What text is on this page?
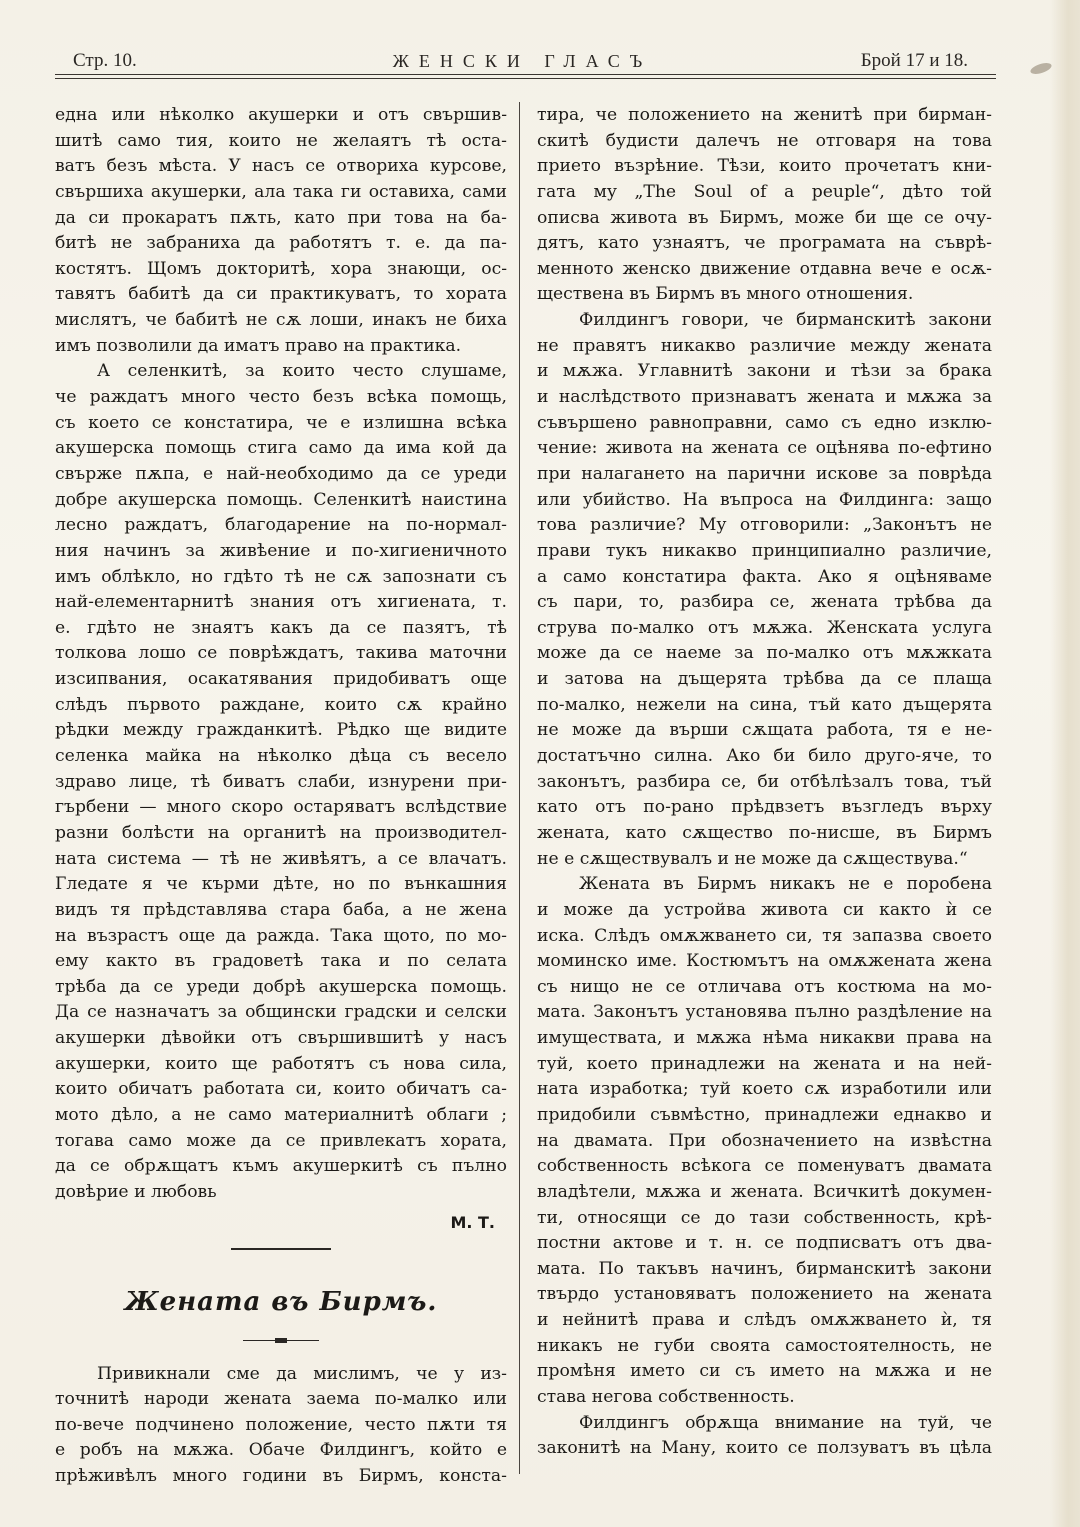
Стр. 10.	ЖЕНСКИ ГЛАСЪ	Брой 17 и 18.
една или нѣколко акушерки и отъ свършив-
шитѣ само тия, които не желаятъ тѣ оста-
ватъ безъ мѣста. У насъ се отвориха курсове,
свършиха акушерки, ала така ги оставиха, сами
да си прокаратъ пѫть, като при това на ба-
битѣ не забраниха да работятъ т. е. да па-
костятъ. Щомъ докторитѣ, хора знающи, ос-
тавятъ бабитѣ да си практикуватъ, то хората
мислятъ, че бабитѣ не сѫ лоши, инакъ не биха
имъ позволили да иматъ право на практика.
А селенкитѣ, за които често слушаме,
че раждатъ много често безъ всѣка помощь,
съ което се констатира, че е излишна всѣка
акушерска помощь стига само да има кой да
свърже пѫпа, е най-необходимо да се уреди
добре акушерска помощь. Селенкитѣ наистина
лесно раждатъ, благодарение на по-нормал-
ния начинъ за живѣение и по-хигиеничното
имъ облѣкло, но гдѣто тѣ не сѫ запознати съ
най-елементарнитѣ знания отъ хигиената, т.
е. гдѣто не знаятъ какъ да се пазятъ, тѣ
толкова лошо се поврѣждатъ, такива маточни
изсипвания, осакатявания придобиватъ още
слѣдъ първото раждане, които сѫ крайно
рѣдки между гражданкитѣ. Рѣдко ще видите
селенка майка на нѣколко дѣца съ весело
здраво лице, тѣ биватъ слаби, изнурени при-
гърбени — много скоро остаряватъ вслѣдствие
разни болѣсти на органитѣ на производител-
ната система — тѣ не живѣятъ, а се влачатъ.
Гледате я че кърми дѣте, но по вънкашния
видъ тя прѣдставлява стара баба, а не жена
на възрастъ още да ражда. Така щото, по мо-
ему както въ градоветѣ така и по селата
трѣба да се уреди добрѣ акушерска помощь.
Да се назначатъ за общински градски и селски
акушерки дѣвойки отъ свършившитѣ у насъ
акушерки, които ще работятъ съ нова сила,
които обичатъ работата си, които обичатъ са-
мото дѣло, а не само материалнитѣ облаги ;
тогава само може да се привлекатъ хората,
да се обрѫщатъ къмъ акушеркитѣ съ пълно
довѣрие и любовь
М. Т.
Жената въ Бирмъ.
Привикнали сме да мислимъ, че у из-
точнитѣ народи жената заема по-малко или
по-вече подчинено положение, често пѫти тя
е робъ на мѫжа. Обаче Филдингъ, който е
прѣживѣлъ много години въ Бирмъ, конста-
тира, че положението на женитѣ при бирман-
скитѣ будисти далечъ не отговаря на това
прието възрѣние. Тѣзи, които прочетатъ кни-
гата му „The Soul of a peuple“, дѣто той
описва живота въ Бирмъ, може би ще се очу-
дятъ, като узнаятъ, че програмата на съврѣ-
менното женско движение отдавна вече е осѫ-
ществена въ Бирмъ въ много отношения.
Филдингъ говори, че бирманскитѣ закони
не правятъ никакво различие между жената
и мѫжа. Углавнитѣ закони и тѣзи за брака
и наслѣдството признаватъ жената и мѫжа за
съвършено равноправни, само съ едно изклю-
чение: живота на жената се оцѣнява по-ефтино
при налагането на парични искове за поврѣда
или убийство. На въпроса на Филдинга: защо
това различие? Му отговорили: „Законътъ не
прави тукъ никакво принципиално различие,
а само констатира факта. Ако я оцѣняваме
съ пари, то, разбира се, жената трѣбва да
струва по-малко отъ мѫжа. Женската услуга
може да се наеме за по-малко отъ мѫжката
и затова на дъщерята трѣбва да се плаща
по-малко, нежели на сина, тъй като дъщерята
не може да върши сѫщата работа, тя е не-
достатъчно силна. Ако би било друго-яче, то
законътъ, разбира се, би отбѣлѣзалъ това, тъй
като отъ по-рано прѣдвзетъ възгледъ върху
жената, като сѫщество по-нисше, въ Бирмъ
не е сѫществувалъ и не може да сѫществува.“
Жената въ Бирмъ никакъ не е поробена
и може да устройва живота си както ѝ се
иска. Слѣдъ омѫжването си, тя запазва своето
моминско име. Костюмътъ на омѫжената жена
съ нищо не се отличава отъ костюма на мо-
мата. Законътъ установява пълно раздѣление на
имуществата, и мѫжа нѣма никакви права на
туй, което принадлежи на жената и на ней-
ната изработка; туй което сѫ изработили или
придобили съвмѣстно, принадлежи еднакво и
на двамата. При обозначението на извѣстна
собственность всѣкога се поменуватъ двамата
владѣтели, мѫжа и жената. Всичкитѣ докумен-
ти, относящи се до тази собственность, крѣ-
постни актове и т. н. се подписватъ отъ два-
мата. По такъвъ начинъ, бирманскитѣ закони
твърдо установяватъ положението на жената
и нейнитѣ права и слѣдъ омѫжването ѝ, тя
никакъ не губи своята самостоятелность, не
промѣня името си съ името на мѫжа и не
става негова собственность.
Филдингъ обрѫща внимание на туй, че
законитѣ на Ману, които се ползуватъ въ цѣла
